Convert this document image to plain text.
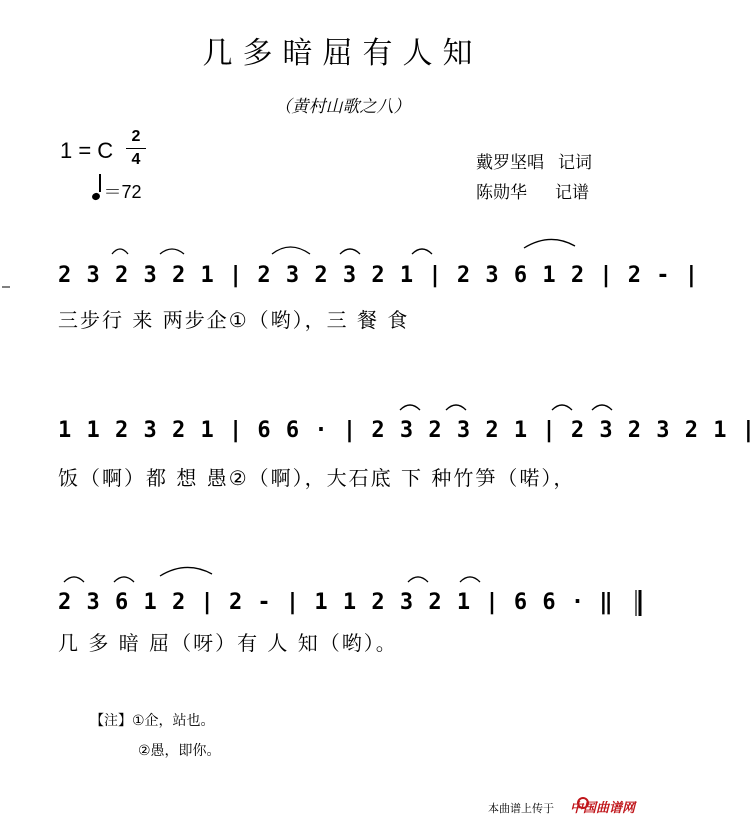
几多暗屈有人知
（黄村山歌之八）
1 = C
2
4
＝72
戴罗坚唱 记词
陈勋华 记谱
2 3 2 3 2 1 | 2 3 2 3 2 1 | 2 3 6 1 2 | 2 - |
三步行 来 两步企①（哟），三 餐 食
1 1 2 3 2 1 | 6 6 · | 2 3 2 3 2 1 | 2 3 2 3 2 1 |
饭（啊）都 想 愚②（啊），大石底 下 种竹笋（喏），
2 3 6 1 2 | 2 - | 1 1 2 3 2 1 | 6 6 · ‖
几 多 暗 屈（呀）有 人 知（哟）。
【注】①企，站也。
②愚，即你。
本曲谱上传于 中国曲谱网
